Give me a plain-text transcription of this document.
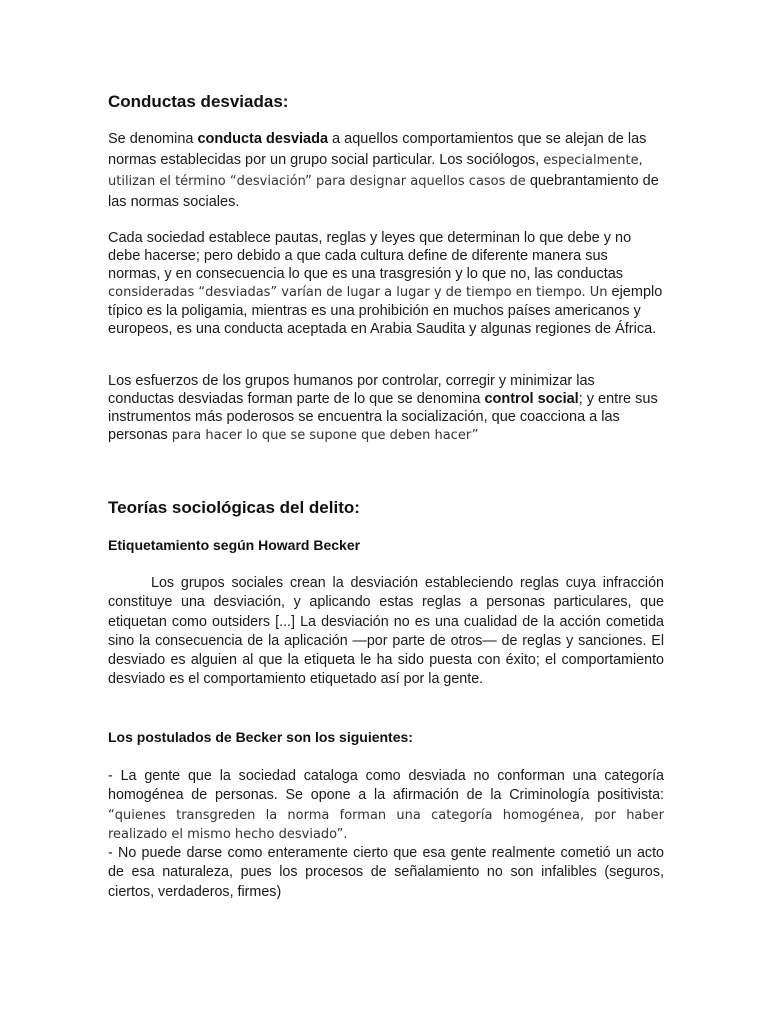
Conductas desviadas:

Se denomina conducta desviada a aquellos comportamientos que se alejan de las normas establecidas por un grupo social particular. Los sociólogos, especialmente, utilizan el término “desviación” para designar aquellos casos de quebrantamiento de las normas sociales.

Cada sociedad establece pautas, reglas y leyes que determinan lo que debe y no debe hacerse; pero debido a que cada cultura define de diferente manera sus normas, y en consecuencia lo que es una trasgresión y lo que no, las conductas consideradas “desviadas” varían de lugar a lugar y de tiempo en tiempo. Un ejemplo típico es la poligamia, mientras es una prohibición en muchos países americanos y europeos, es una conducta aceptada en Arabia Saudita y algunas regiones de África.

Los esfuerzos de los grupos humanos por controlar, corregir y minimizar las conductas desviadas forman parte de lo que se denomina control social; y entre sus instrumentos más poderosos se encuentra la socialización, que coacciona a las personas para hacer lo que se supone que deben hacer”

Teorías sociológicas del delito:
Etiquetamiento según Howard Becker

Los grupos sociales crean la desviación estableciendo reglas cuya infracción constituye una desviación, y aplicando estas reglas a personas particulares, que etiquetan como outsiders [...] La desviación no es una cualidad de la acción cometida sino la consecuencia de la aplicación —por parte de otros— de reglas y sanciones. El desviado es alguien al que la etiqueta le ha sido puesta con éxito; el comportamiento desviado es el comportamiento etiquetado así por la gente.

Los postulados de Becker son los siguientes:

- La gente que la sociedad cataloga como desviada no conforman una categoría homogénea de personas. Se opone a la afirmación de la Criminología positivista: “quienes transgreden la norma forman una categoría homogénea, por haber realizado el mismo hecho desviado”.

- No puede darse como enteramente cierto que esa gente realmente cometió un acto de esa naturaleza, pues los procesos de señalamiento no son infalibles (seguros, ciertos, verdaderos, firmes)
